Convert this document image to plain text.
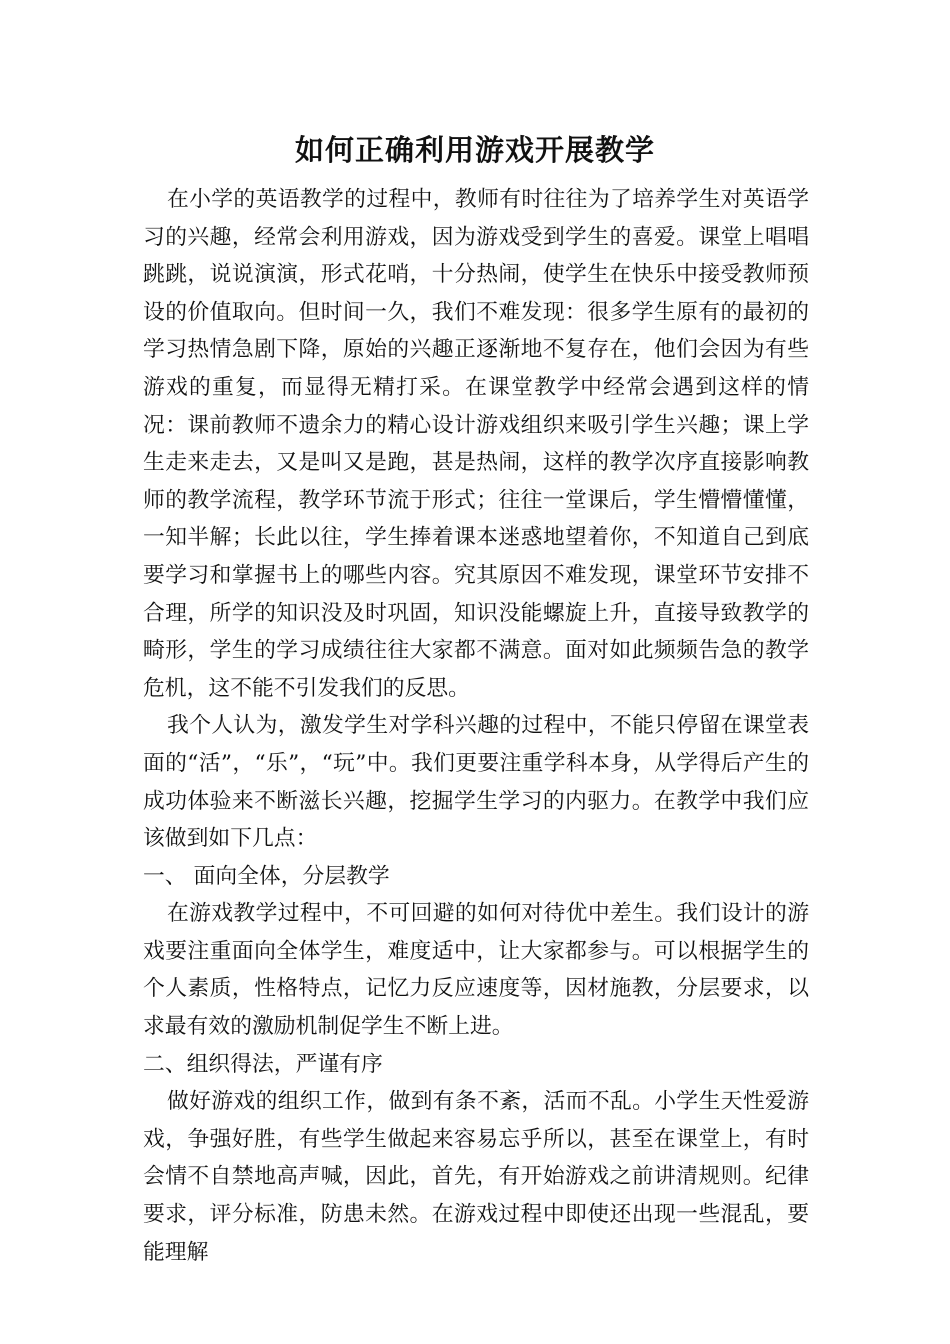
如何正确利用游戏开展教学

在小学的英语教学的过程中，教师有时往往为了培养学生对英语学习的兴趣，经常会利用游戏，因为游戏受到学生的喜爱。课堂上唱唱跳跳，说说演演，形式花哨，十分热闹，使学生在快乐中接受教师预设的价值取向。但时间一久，我们不难发现：很多学生原有的最初的学习热情急剧下降，原始的兴趣正逐渐地不复存在，他们会因为有些游戏的重复，而显得无精打采。在课堂教学中经常会遇到这样的情况：课前教师不遗余力的精心设计游戏组织来吸引学生兴趣；课上学生走来走去，又是叫又是跑，甚是热闹，这样的教学次序直接影响教师的教学流程，教学环节流于形式；往往一堂课后，学生懵懵懂懂，一知半解；长此以往，学生捧着课本迷惑地望着你，不知道自己到底要学习和掌握书上的哪些内容。究其原因不难发现，课堂环节安排不合理，所学的知识没及时巩固，知识没能螺旋上升，直接导致教学的畸形，学生的学习成绩往往大家都不满意。面对如此频频告急的教学危机，这不能不引发我们的反思。

我个人认为，激发学生对学科兴趣的过程中，不能只停留在课堂表面的“活”，“乐”，“玩”中。我们更要注重学科本身，从学得后产生的成功体验来不断滋长兴趣，挖掘学生学习的内驱力。在教学中我们应该做到如下几点：

一、 面向全体，分层教学

在游戏教学过程中，不可回避的如何对待优中差生。我们设计的游戏要注重面向全体学生，难度适中，让大家都参与。可以根据学生的个人素质，性格特点，记忆力反应速度等，因材施教，分层要求，以求最有效的激励机制促学生不断上进。

二、组织得法，严谨有序

做好游戏的组织工作，做到有条不紊，活而不乱。小学生天性爱游戏，争强好胜，有些学生做起来容易忘乎所以，甚至在课堂上，有时会情不自禁地高声喊，因此，首先，有开始游戏之前讲清规则。纪律要求，评分标准，防患未然。在游戏过程中即使还出现一些混乱，要能理解
